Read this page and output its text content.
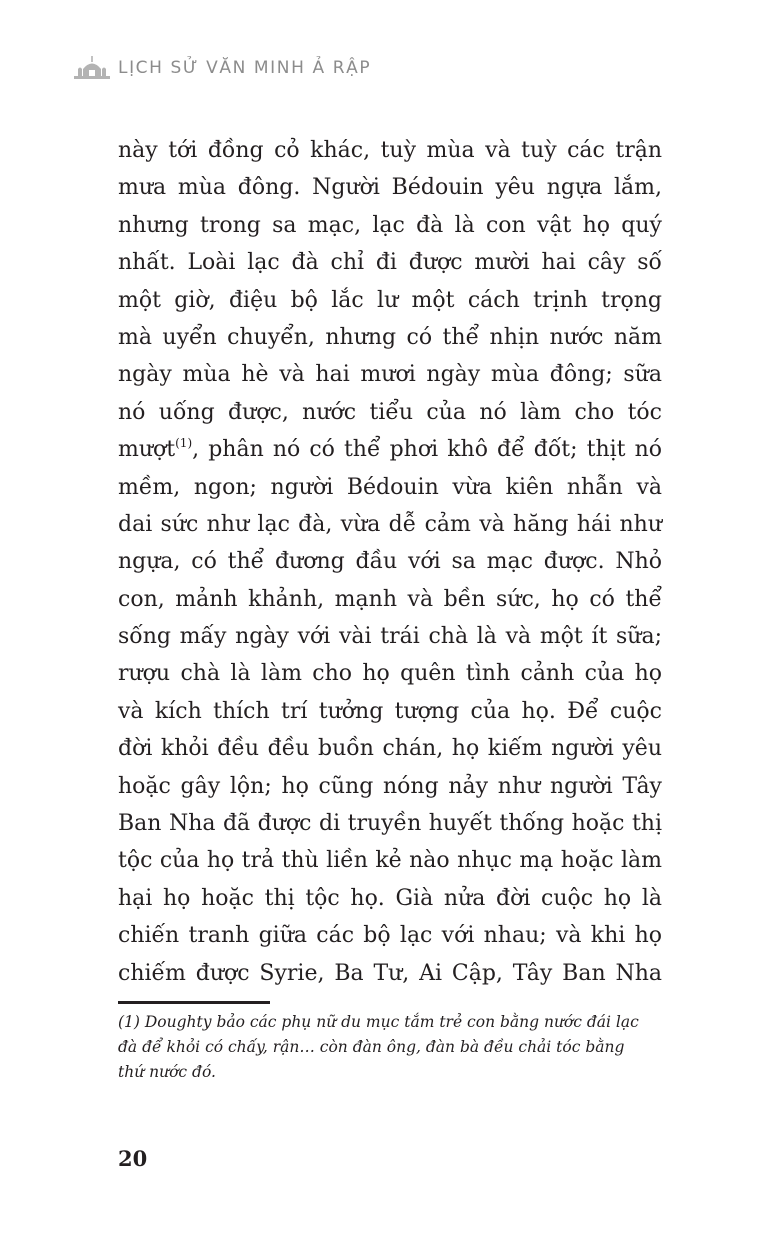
LỊCH SỬ VĂN MINH Ả RẬP
này tới đồng cỏ khác, tuỳ mùa và tuỳ các trận
mưa mùa đông. Người Bédouin yêu ngựa lắm,
nhưng trong sa mạc, lạc đà là con vật họ quý
nhất. Loài lạc đà chỉ đi được mười hai cây số
một giờ, điệu bộ lắc lư một cách trịnh trọng
mà uyển chuyển, nhưng có thể nhịn nước năm
ngày mùa hè và hai mươi ngày mùa đông; sữa
nó uống được, nước tiểu của nó làm cho tóc
mượt$^{(1)}$, phân nó có thể phơi khô để đốt; thịt nó
mềm, ngon; người Bédouin vừa kiên nhẫn và
dai sức như lạc đà, vừa dễ cảm và hăng hái như
ngựa, có thể đương đầu với sa mạc được. Nhỏ
con, mảnh khảnh, mạnh và bền sức, họ có thể
sống mấy ngày với vài trái chà là và một ít sữa;
rượu chà là làm cho họ quên tình cảnh của họ
và kích thích trí tưởng tượng của họ. Để cuộc
đời khỏi đều đều buồn chán, họ kiếm người yêu
hoặc gây lộn; họ cũng nóng nảy như người Tây
Ban Nha đã được di truyền huyết thống hoặc thị
tộc của họ trả thù liền kẻ nào nhục mạ hoặc làm
hại họ hoặc thị tộc họ. Già nửa đời cuộc họ là
chiến tranh giữa các bộ lạc với nhau; và khi họ
chiếm được Syrie, Ba Tư, Ai Cập, Tây Ban Nha
(1) Doughty bảo các phụ nữ du mục tắm trẻ con bằng nước đái lạc
đà để khỏi có chấy, rận… còn đàn ông, đàn bà đều chải tóc bằng
thứ nước đó.
20
